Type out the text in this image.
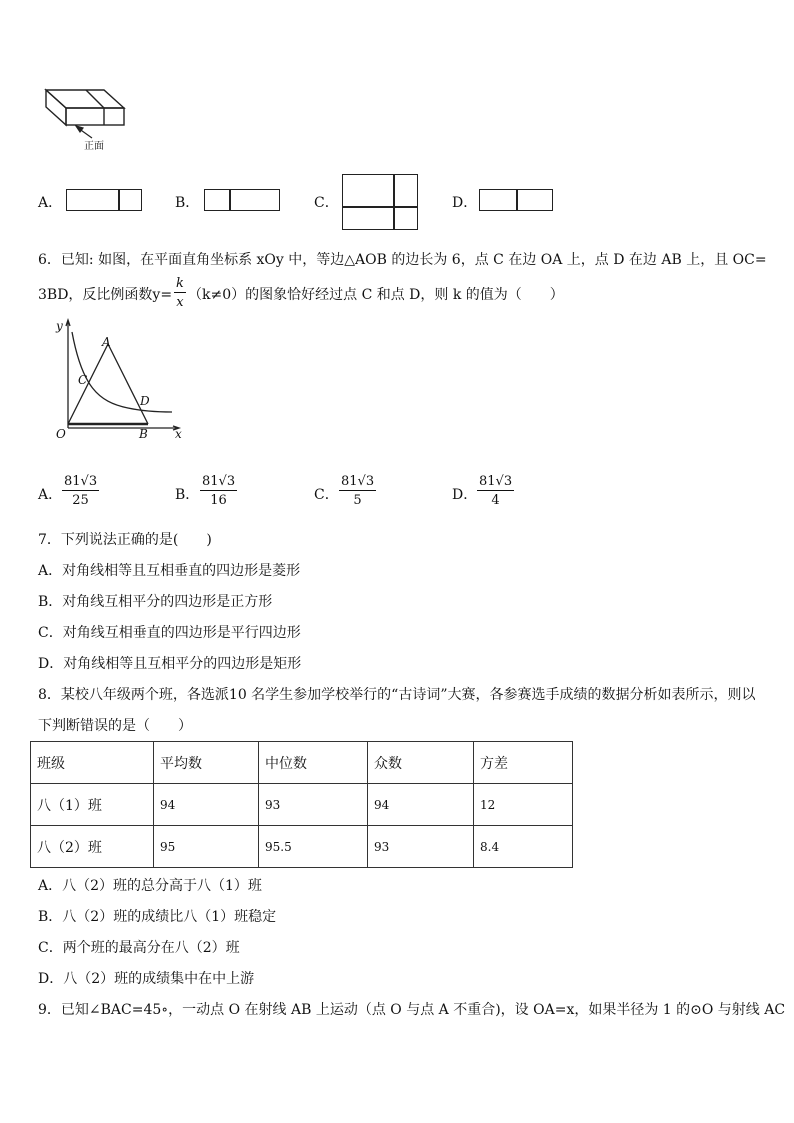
正面
A．	B．	C．	D．
6．已知: 如图，在平面直角坐标系 xOy 中，等边△AOB 的边长为 6，点 C 在边 OA 上，点 D 在边 AB 上，且 OC=
3BD，反比例函数$y= \frac{k}{x} (k\ne 0)$的图象恰好经过点 C 和点 D，则 k 的值为（　　）
y
x
O
A
B
C
D
A． $\frac{81√3}{25}$	B． $\frac{81√3}{16}$	C． $\frac{81√3}{5}$	D． $\frac{81√3}{4}$
7．下列说法正确的是(　　)
A．对角线相等且互相垂直的四边形是菱形
B．对角线互相平分的四边形是正方形
C．对角线互相垂直的四边形是平行四边形
D．对角线相等且互相平分的四边形是矩形
8．某校八年级两个班，各选派10 名学生参加学校举行的“古诗词”大赛，各参赛选手成绩的数据分析如表所示，则以
下判断错误的是（　　）
班级	平均数	中位数	众数	方差
八（1）班	94	93	94	12
八（2）班	95	95.5	93	8.4
A．八（2）班的总分高于八（1）班
B．八（2）班的成绩比八（1）班稳定
C．两个班的最高分在八（2）班
D．八（2）班的成绩集中在中上游
9．已知∠BAC=45∘，一动点 O 在射线 AB 上运动（点 O 与点 A 不重合)，设 OA=x，如果半径为 1 的⊙O 与射线 AC
